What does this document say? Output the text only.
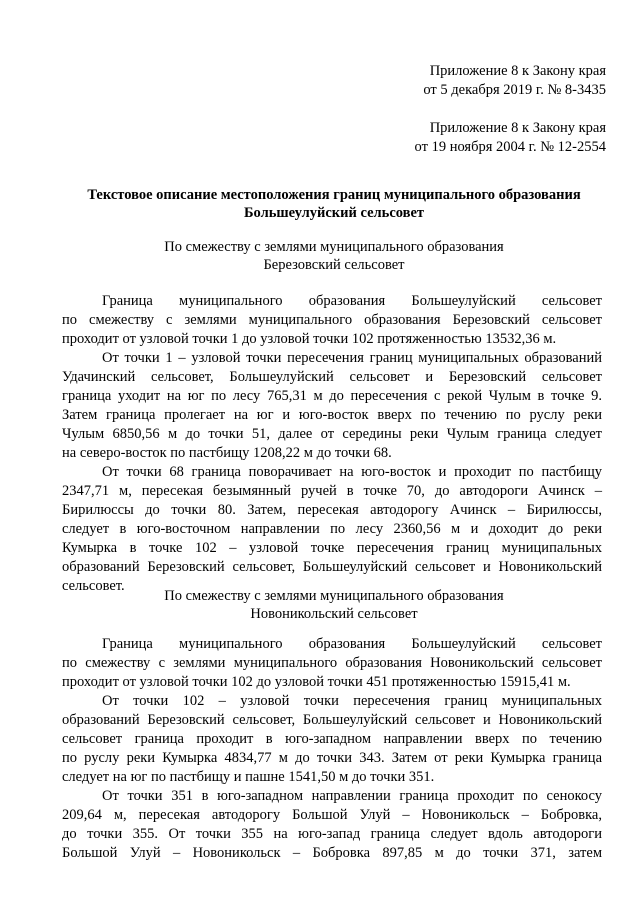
Приложение 8 к Закону края
от 5 декабря 2019 г. № 8-3435
Приложение 8 к Закону края
от 19 ноября 2004 г. № 12-2554
Текстовое описание местоположения границ муниципального образования
Большеулуйский сельсовет
По смежеству с землями муниципального образования
Березовский сельсовет
Граница муниципального образования Большеулуйский сельсовет
по смежеству с землями муниципального образования Березовский сельсовет
проходит от узловой точки 1 до узловой точки 102 протяженностью 13532,36 м.
От точки 1 – узловой точки пересечения границ муниципальных образований
Удачинский сельсовет, Большеулуйский сельсовет и Березовский сельсовет
граница уходит на юг по лесу 765,31 м до пересечения с рекой Чулым в точке 9.
Затем граница пролегает на юг и юго-восток вверх по течению по руслу реки
Чулым 6850,56 м до точки 51, далее от середины реки Чулым граница следует
на северо-восток по пастбищу 1208,22 м до точки 68.
От точки 68 граница поворачивает на юго-восток и проходит по пастбищу
2347,71 м, пересекая безымянный ручей в точке 70, до автодороги Ачинск –
Бирилюссы до точки 80. Затем, пересекая автодорогу Ачинск – Бирилюссы,
следует в юго-восточном направлении по лесу 2360,56 м и доходит до реки
Кумырка в точке 102 – узловой точке пересечения границ муниципальных
образований Березовский сельсовет, Большеулуйский сельсовет и Новоникольский
сельсовет.
По смежеству с землями муниципального образования
Новоникольский сельсовет
Граница муниципального образования Большеулуйский сельсовет
по смежеству с землями муниципального образования Новоникольский сельсовет
проходит от узловой точки 102 до узловой точки 451 протяженностью 15915,41 м.
От точки 102 – узловой точки пересечения границ муниципальных
образований Березовский сельсовет, Большеулуйский сельсовет и Новоникольский
сельсовет граница проходит в юго-западном направлении вверх по течению
по руслу реки Кумырка 4834,77 м до точки 343. Затем от реки Кумырка граница
следует на юг по пастбищу и пашне 1541,50 м до точки 351.
От точки 351 в юго-западном направлении граница проходит по сенокосу
209,64 м, пересекая автодорогу Большой Улуй – Новоникольск – Бобровка,
до точки 355. От точки 355 на юго-запад граница следует вдоль автодороги
Большой Улуй – Новоникольск – Бобровка 897,85 м до точки 371, затем
